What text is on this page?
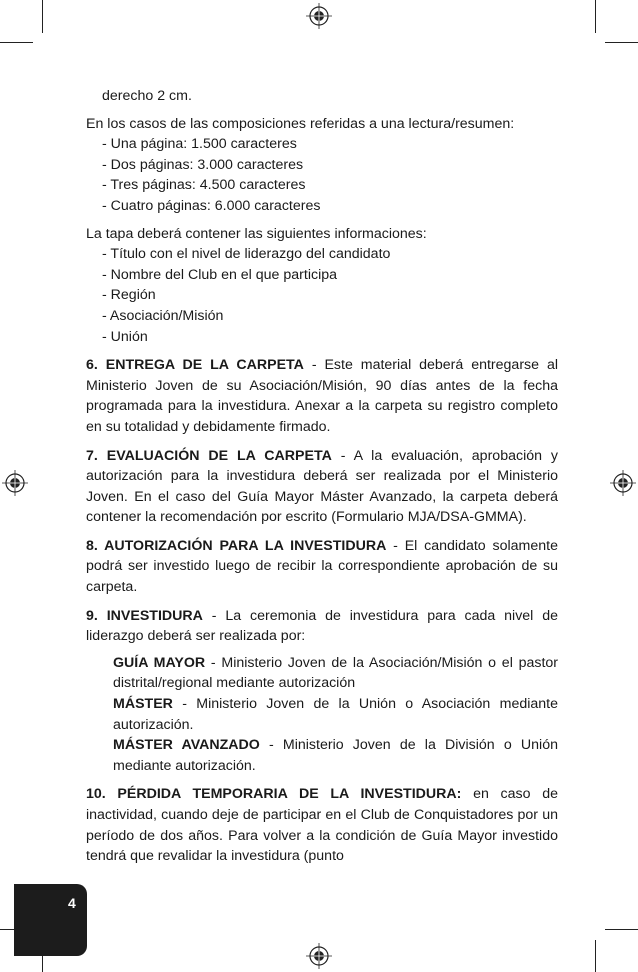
derecho 2 cm.

En los casos de las composiciones referidas a una lectura/resumen:

- Una página: 1.500 caracteres

- Dos páginas: 3.000 caracteres

- Tres páginas: 4.500 caracteres

- Cuatro páginas: 6.000 caracteres

La tapa deberá contener las siguientes informaciones:

- Título con el nivel de liderazgo del candidato

- Nombre del Club en el que participa

- Región

- Asociación/Misión

- Unión

6. ENTREGA DE LA CARPETA - Este material deberá entregarse al Ministerio Joven de su Asociación/Misión, 90 días antes de la fecha programada para la investidura. Anexar a la carpeta su registro completo en su totalidad y debidamente firmado.

7. EVALUACIÓN DE LA CARPETA - A la evaluación, aprobación y autorización para la investidura deberá ser realizada por el Ministerio Joven. En el caso del Guía Mayor Máster Avanzado, la carpeta deberá contener la recomendación por escrito (Formulario MJA/DSA-GMMA).

8. AUTORIZACIÓN PARA LA INVESTIDURA - El candidato solamente podrá ser investido luego de recibir la correspondiente aprobación de su carpeta.

9. INVESTIDURA - La ceremonia de investidura para cada nivel de liderazgo deberá ser realizada por:

GUÍA MAYOR - Ministerio Joven de la Asociación/Misión o el pastor distrital/regional mediante autorización

MÁSTER - Ministerio Joven de la Unión o Asociación mediante autorización.

MÁSTER AVANZADO - Ministerio Joven de la División o Unión mediante autorización.

10. PÉRDIDA TEMPORARIA DE LA INVESTIDURA: en caso de inactividad, cuando deje de participar en el Club de Conquistadores por un período de dos años. Para volver a la condición de Guía Mayor investido tendrá que revalidar la investidura (punto

4
